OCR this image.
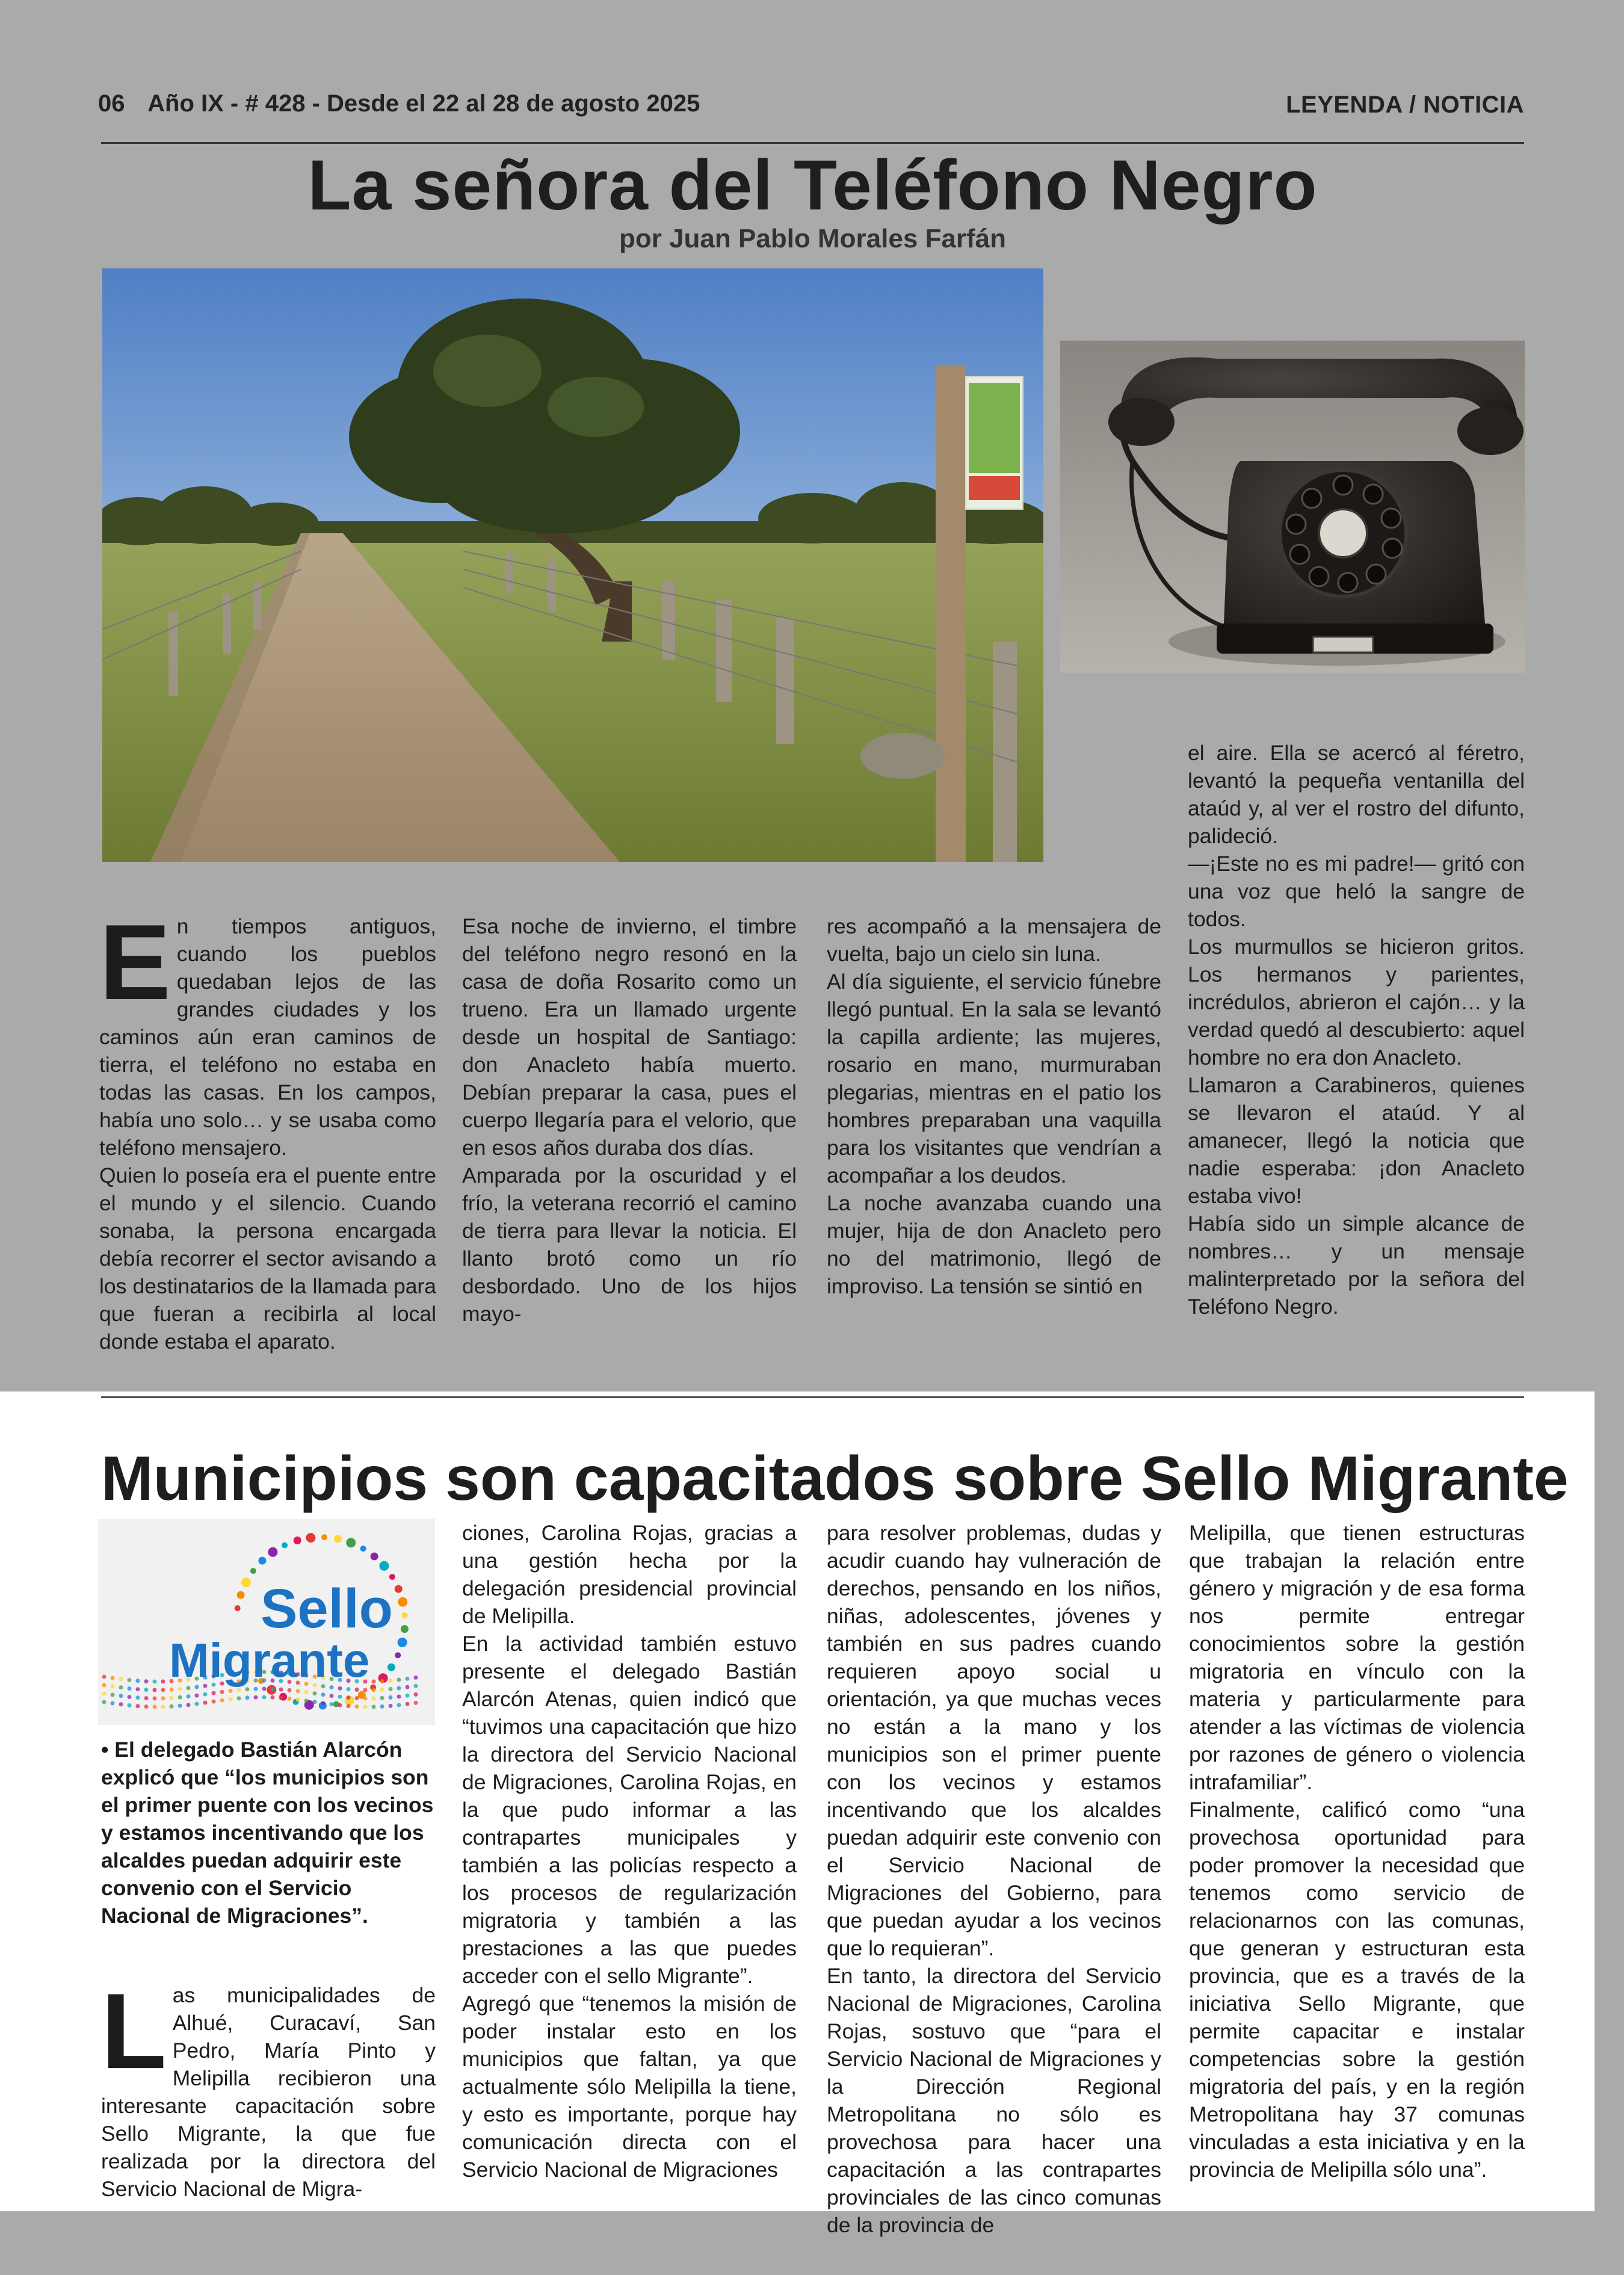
06 Año IX - # 428 - Desde el 22 al 28 de agosto 2025	LEYENDA / NOTICIA
La señora del Teléfono Negro
por Juan Pablo Morales Farfán
E n tiempos antiguos, cuando los pueblos quedaban lejos de las grandes ciudades y los caminos aún eran caminos de tierra, el teléfono no estaba en todas las casas. En los campos, había uno solo… y se usaba como teléfono mensajero.

Quien lo poseía era el puente entre el mundo y el silencio. Cuando sonaba, la persona encargada debía recorrer el sector avisando a los destinatarios de la llamada para que fueran a recibirla al local donde estaba el aparato.

Esa noche de invierno, el timbre del teléfono negro resonó en la casa de doña Rosarito como un trueno. Era un llamado urgente desde un hospital de Santiago: don Anacleto había muerto. Debían preparar la casa, pues el cuerpo llegaría para el velorio, que en esos años duraba dos días.

Amparada por la oscuridad y el frío, la veterana recorrió el camino de tierra para llevar la noticia. El llanto brotó como un río desbordado. Uno de los hijos mayo-

res acompañó a la mensajera de vuelta, bajo un cielo sin luna.

Al día siguiente, el servicio fúnebre llegó puntual. En la sala se levantó la capilla ardiente; las mujeres, rosario en mano, murmuraban plegarias, mientras en el patio los hombres preparaban una vaquilla para los visitantes que vendrían a acompañar a los deudos.

La noche avanzaba cuando una mujer, hija de don Anacleto pero no del matrimonio, llegó de improviso. La tensión se sintió en

el aire. Ella se acercó al féretro, levantó la pequeña ventanilla del ataúd y, al ver el rostro del difunto, palideció.

—¡Este no es mi padre!— gritó con una voz que heló la sangre de todos.

Los murmullos se hicieron gritos. Los hermanos y parientes, incrédulos, abrieron el cajón… y la verdad quedó al descubierto: aquel hombre no era don Anacleto.

Llamaron a Carabineros, quienes se llevaron el ataúd. Y al amanecer, llegó la noticia que nadie esperaba: ¡don Anacleto estaba vivo!

Había sido un simple alcance de nombres… y un mensaje malinterpretado por la señora del Teléfono Negro.

Municipios son capacitados sobre Sello Migrante
Sello
Migrante
• El delegado Bastián Alarcón explicó que “los municipios son el primer puente con los vecinos y estamos incentivando que los alcaldes puedan adquirir este convenio con el Servicio Nacional de Migraciones”.
L as municipalidades de Alhué, Curacaví, San Pedro, María Pinto y Melipilla recibieron una interesante capacitación sobre Sello Migrante, la que fue realizada por la directora del Servicio Nacional de Migra-

ciones, Carolina Rojas, gracias a una gestión hecha por la delegación presidencial provincial de Melipilla.

En la actividad también estuvo presente el delegado Bastián Alarcón Atenas, quien indicó que “tuvimos una capacitación que hizo la directora del Servicio Nacional de Migraciones, Carolina Rojas, en la que pudo informar a las contrapartes municipales y también a las policías respecto a los procesos de regularización migratoria y también a las prestaciones a las que puedes acceder con el sello Migrante”.

Agregó que “tenemos la misión de poder instalar esto en los municipios que faltan, ya que actualmente sólo Melipilla la tiene, y esto es importante, porque hay comunicación directa con el Servicio Nacional de Migraciones

para resolver problemas, dudas y acudir cuando hay vulneración de derechos, pensando en los niños, niñas, adolescentes, jóvenes y también en sus padres cuando requieren apoyo social u orientación, ya que muchas veces no están a la mano y los municipios son el primer puente con los vecinos y estamos incentivando que los alcaldes puedan adquirir este convenio con el Servicio Nacional de Migraciones del Gobierno, para que puedan ayudar a los vecinos que lo requieran”.

En tanto, la directora del Servicio Nacional de Migraciones, Carolina Rojas, sostuvo que “para el Servicio Nacional de Migraciones y la Dirección Regional Metropolitana no sólo es provechosa para hacer una capacitación a las contrapartes provinciales de las cinco comunas de la provincia de

Melipilla, que tienen estructuras que trabajan la relación entre género y migración y de esa forma nos permite entregar conocimientos sobre la gestión migratoria en vínculo con la materia y particularmente para atender a las víctimas de violencia por razones de género o violencia intrafamiliar”.

Finalmente, calificó como “una provechosa oportunidad para poder promover la necesidad que tenemos como servicio de relacionarnos con las comunas, que generan y estructuran esta provincia, que es a través de la iniciativa Sello Migrante, que permite capacitar e instalar competencias sobre la gestión migratoria del país, y en la región Metropolitana hay 37 comunas vinculadas a esta iniciativa y en la provincia de Melipilla sólo una”.
